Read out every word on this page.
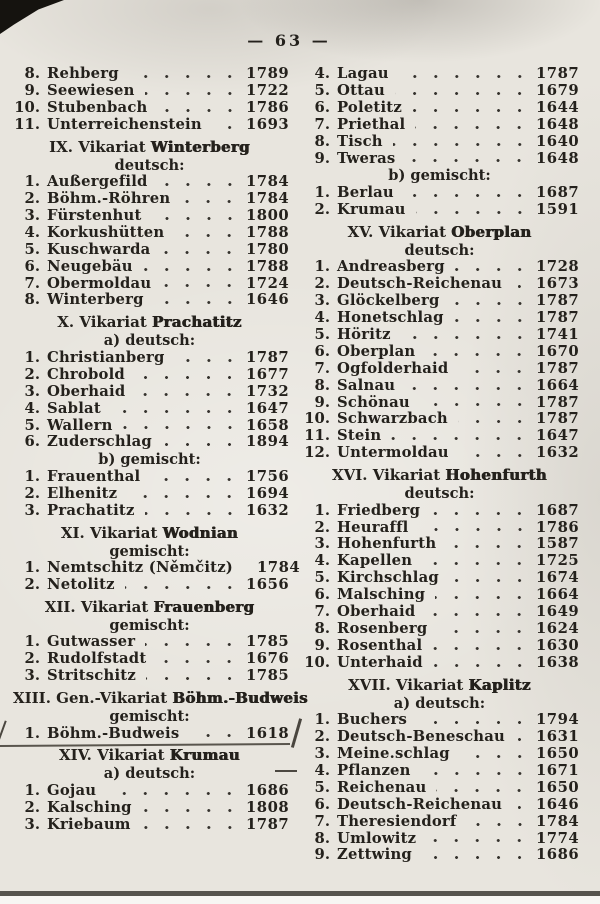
— 63 —
8. Rehberg	1789
9. Seewiesen	1722
10. Stubenbach	1786
11. Unterreichenstein	1693
IX. Vikariat Winterberg
deutsch:
1. Außergefild	1784
2. Böhm.-Röhren	1784
3. Fürstenhut	1800
4. Korkushütten	1788
5. Kuschwarda	1780
6. Neugebäu	1788
7. Obermoldau	1724
8. Winterberg	1646
X. Vikariat Prachatitz
a) deutsch:
1. Christianberg	1787
2. Chrobold	1677
3. Oberhaid	1732
4. Sablat	1647
5. Wallern	1658
6. Zuderschlag	1894
b) gemischt:
1. Frauenthal	1756
2. Elhenitz	1694
3. Prachatitz	1632
XI. Vikariat Wodnian
gemischt:
1. Nemtschitz (Němčitz) 1784
2. Netolitz	1656
XII. Vikariat Frauenberg
gemischt:
1. Gutwasser	1785
2. Rudolfstadt	1676
3. Stritschitz	1785
XIII. Gen.-Vikariat Böhm.-Budweis
gemischt:
1. Böhm.-Budweis	1618
XIV. Vikariat Krumau
a) deutsch:
1. Gojau	1686
2. Kalsching	1808
3. Kriebaum	1787
4. Lagau	1787
5. Ottau	1679
6. Poletitz	1644
7. Priethal	1648
8. Tisch	1640
9. Tweras	1648
b) gemischt:
1. Berlau	1687
2. Krumau	1591
XV. Vikariat Oberplan
deutsch:
1. Andreasberg	1728
2. Deutsch-Reichenau 1673
3. Glöckelberg	1787
4. Honetschlag	1787
5. Höritz	1741
6. Oberplan	1670
7. Ogfolderhaid	1787
8. Salnau	1664
9. Schönau	1787
10. Schwarzbach	1787
11. Stein	1647
12. Untermoldau	1632
XVI. Vikariat Hohenfurth
deutsch:
1. Friedberg	1687
2. Heuraffl	1786
3. Hohenfurth	1587
4. Kapellen	1725
5. Kirchschlag	1674
6. Malsching	1664
7. Oberhaid	1649
8. Rosenberg	1624
9. Rosenthal	1630
10. Unterhaid	1638
XVII. Vikariat Kaplitz
a) deutsch:
1. Buchers	1794
2. Deutsch-Beneschau 1631
3. Meine.schlag	1650
4. Pflanzen	1671
5. Reichenau	1650
6. Deutsch-Reichenau 1646
7. Theresiendorf	1784
8. Umlowitz	1774
9. Zettwing	1686
